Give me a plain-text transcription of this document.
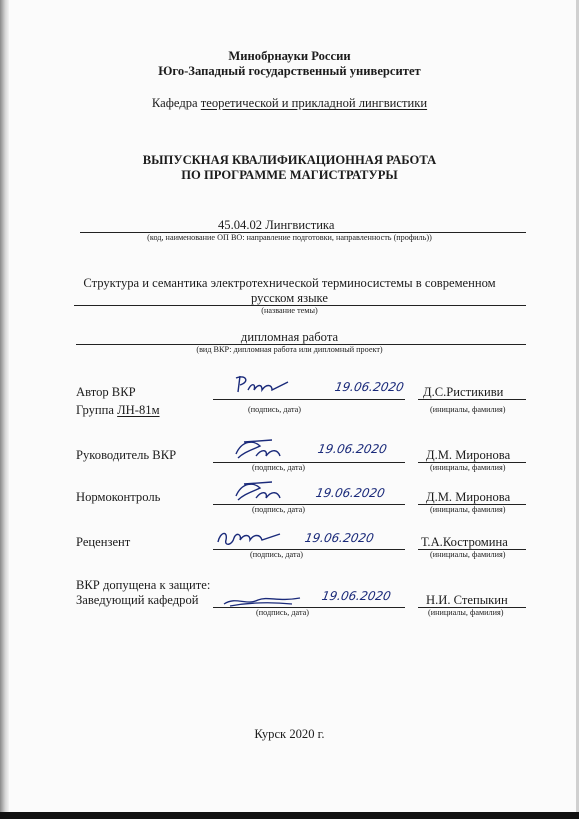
Минобрнауки России
Юго-Западный государственный университет
Кафедра теоретической и прикладной лингвистики
ВЫПУСКНАЯ КВАЛИФИКАЦИОННАЯ РАБОТА
ПО ПРОГРАММЕ МАГИСТРАТУРЫ
45.04.02 Лингвистика
(код, наименование ОП ВО: направление подготовки, направленность (профиль))
Структура и семантика электротехнической терминосистемы в современном
русском языке
(название темы)
дипломная работа
(вид ВКР: дипломная работа или дипломный проект)
Автор ВКР	19.06.2020 Д.С.Ристикиви
Группа ЛН-81м	(подпись, дата)	(инициалы, фамилия)
Руководитель ВКР	19.06.2020	Д.М. Миронова
(подпись, дата)	(инициалы, фамилия)
Нормоконтроль	19.06.2020	Д.М. Миронова
(подпись, дата)	(инициалы, фамилия)
Рецензент	19.06.2020	Т.А.Костромина
(подпись, дата)	(инициалы, фамилия)
ВКР допущена к защите:
Заведующий кафедрой	19.06.2020	Н.И. Степыкин
(подпись, дата)	(инициалы, фамилия)
Курск 2020 г.
